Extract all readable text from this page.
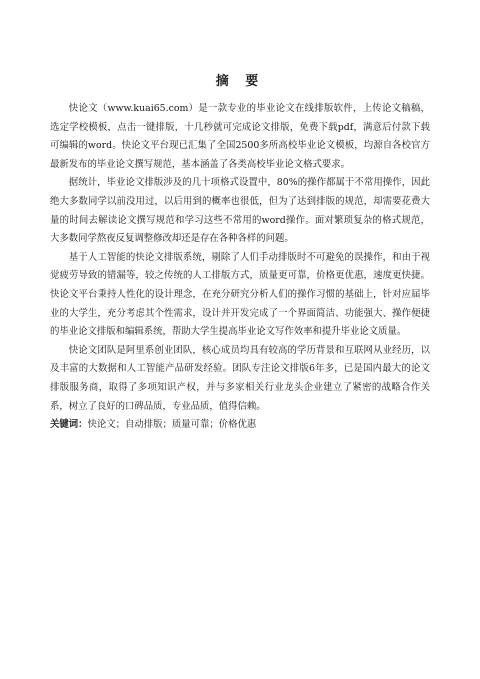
摘 要

快论文（www.kuai65.com）是一款专业的毕业论文在线排版软件，上传论文稿稿，选定学校模板，点击一键排版，十几秒就可完成论文排版，免费下载pdf，满意后付款下载可编辑的word。快论文平台现已汇集了全国2500多所高校毕业论文模板，均源自各校官方最新发布的毕业论文撰写规范，基本涵盖了各类高校毕业论文格式要求。

据统计，毕业论文排版涉及的几十项格式设置中，80%的操作都属于不常用操作，因此绝大多数同学以前没用过，以后用到的概率也很低，但为了达到排版的规范，却需要花费大量的时间去解读论文撰写规范和学习这些不常用的word操作。面对繁琐复杂的格式规范，大多数同学熬夜反复调整修改却还是存在各种各样的问题。

基于人工智能的快论文排版系统，剔除了人们手动排版时不可避免的误操作，和由于视觉疲劳导致的错漏等，较之传统的人工排版方式，质量更可靠，价格更优惠，速度更快捷。快论文平台秉持人性化的设计理念，在充分研究分析人们的操作习惯的基础上，针对应届毕业的大学生，充分考虑其个性需求，设计并开发完成了一个界面简洁、功能强大、操作便捷的毕业论文排版和编辑系统，帮助大学生提高毕业论文写作效率和提升毕业论文质量。

快论文团队是阿里系创业团队，核心成员均具有较高的学历背景和互联网从业经历，以及丰富的大数据和人工智能产品研发经验。团队专注论文排版6年多，已是国内最大的论文排版服务商，取得了多项知识产权，并与多家相关行业龙头企业建立了紧密的战略合作关系，树立了良好的口碑品质，专业品质，值得信赖。

关键词：快论文；自动排版；质量可靠；价格优惠
